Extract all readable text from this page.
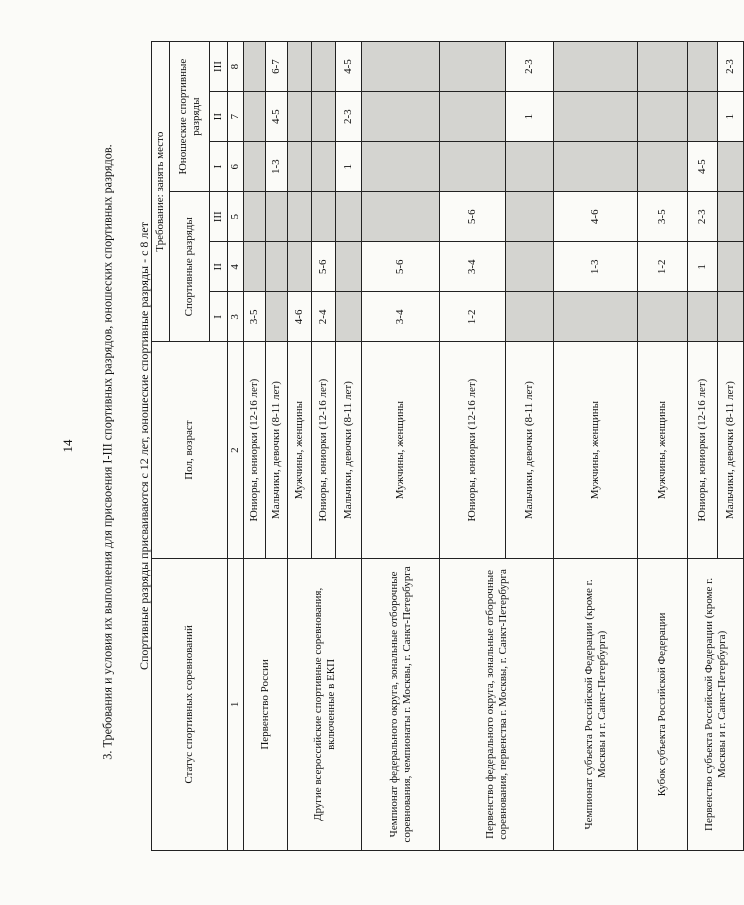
14 3. Требования и условия их выполнения для присвоения I-III спортивных разрядов, юношеских спортивных разрядов. Спортивные разряды присваиваются с 12 лет, юношеские спортивные разряды - с 8 лет
Статус спортивных соревнований	Пол, возраст	Требование: занять место					
		Спортивные разряды			Юношеские спортивные разряды		
		I	II	III	I	II	III
1	2	3	4	5	6	7	8
Первенство России	Юниоры, юниорки (12-16 лет)	3-5					
	Мальчики, девочки (8-11 лет)				1-3	4-5	6-7
Другие всероссийские спортивные соревнования, включенные в ЕКП	Мужчины, женщины	4-6					
	Юниоры, юниорки (12-16 лет)	2-4	5-6				
	Мальчики, девочки (8-11 лет)				1	2-3	4-5
Чемпионат федерального округа, зональные отборочные соревнования, чемпионаты г. Москвы, г. Санкт-Петербурга	Мужчины, женщины	3-4	5-6				
Первенство федерального округа, зональные отборочные соревнования, первенства г. Москвы, г. Санкт-Петербурга	Юниоры, юниорки (12-16 лет)	1-2	3-4	5-6			
	Мальчики, девочки (8-11 лет)					1	2-3
Чемпионат субъекта Российской Федерации (кроме г. Москвы и г. Санкт-Петербурга)	Мужчины, женщины		1-3	4-6			
Кубок субъекта Российской Федерации	Мужчины, женщины		1-2	3-5			
Первенство субъекта Российской Федерации (кроме г. Москвы и г. Санкт-Петербурга)	Юниоры, юниорки (12-16 лет)		1	2-3	4-5		
	Мальчики, девочки (8-11 лет)					1	2-3
